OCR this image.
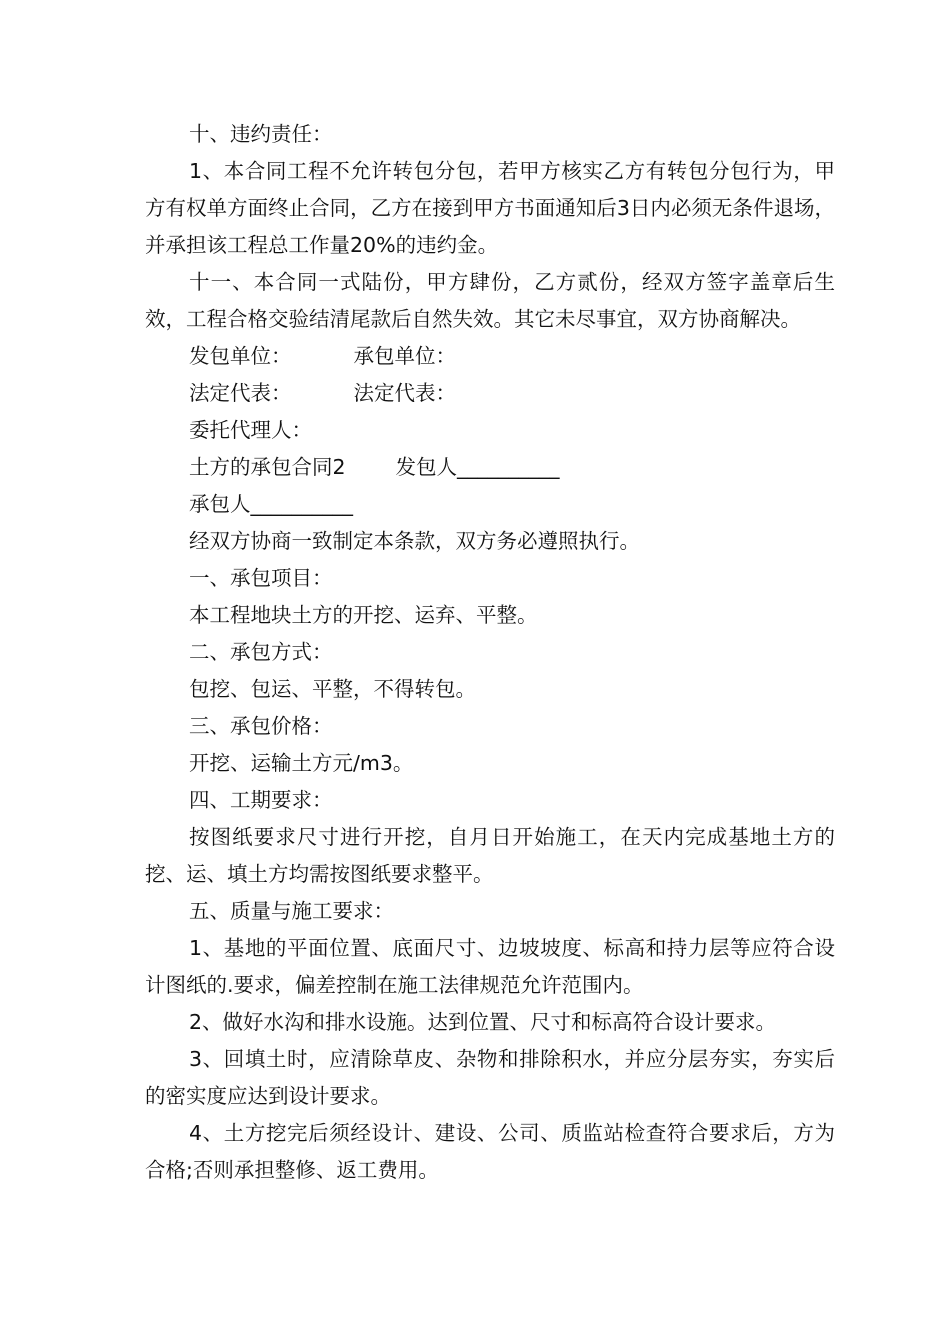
十、违约责任：

1、本合同工程不允许转包分包，若甲方核实乙方有转包分包行为，甲方有权单方面终止合同，乙方在接到甲方书面通知后3日内必须无条件退场，并承担该工程总工作量20%的违约金。

十一、本合同一式陆份，甲方肆份，乙方贰份，经双方签字盖章后生效，工程合格交验结清尾款后自然失效。其它未尽事宜，双方协商解决。

发包单位：	承包单位：

法定代表：	法定代表：

委托代理人：

土方的承包合同2 发包人__________

承包人__________

经双方协商一致制定本条款，双方务必遵照执行。

一、承包项目：

本工程地块土方的开挖、运弃、平整。

二、承包方式：

包挖、包运、平整，不得转包。

三、承包价格：

开挖、运输土方元/m3。

四、工期要求：

按图纸要求尺寸进行开挖，自月日开始施工，在天内完成基地土方的挖、运、填土方均需按图纸要求整平。

五、质量与施工要求：

1、基地的平面位置、底面尺寸、边坡坡度、标高和持力层等应符合设计图纸的.要求，偏差控制在施工法律规范允许范围内。

2、做好水沟和排水设施。达到位置、尺寸和标高符合设计要求。

3、回填土时，应清除草皮、杂物和排除积水，并应分层夯实，夯实后的密实度应达到设计要求。

4、土方挖完后须经设计、建设、公司、质监站检查符合要求后，方为合格;否则承担整修、返工费用。
